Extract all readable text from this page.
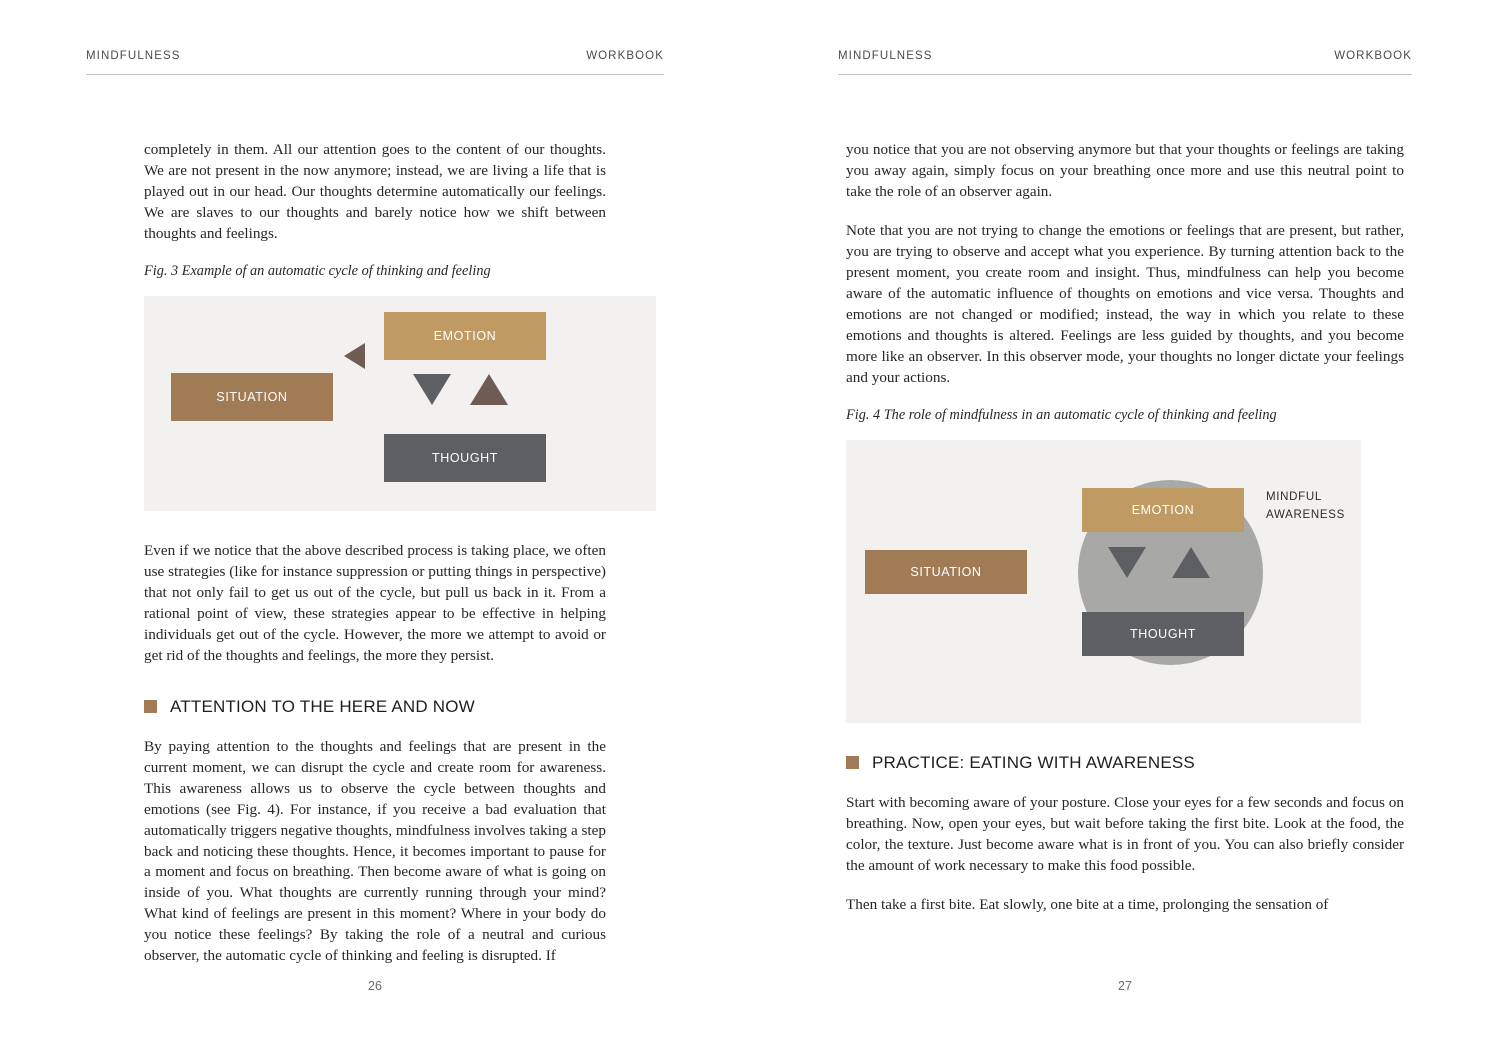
MINDFULNESS	WORKBOOK

completely in them. All our attention goes to the content of our thoughts. We are not present in the now anymore; instead, we are living a life that is played out in our head. Our thoughts determine automatically our feelings. We are slaves to our thoughts and barely notice how we shift between thoughts and feelings.

Fig. 3 Example of an automatic cycle of thinking and feeling
EMOTION
SITUATION
THOUGHT

Even if we notice that the above described process is taking place, we often use strategies (like for instance suppression or putting things in perspective) that not only fail to get us out of the cycle, but pull us back in it. From a rational point of view, these strategies appear to be effective in helping individuals get out of the cycle. However, the more we attempt to avoid or get rid of the thoughts and feelings, the more they persist.

ATTENTION TO THE HERE AND NOW

By paying attention to the thoughts and feelings that are present in the current moment, we can disrupt the cycle and create room for awareness. This awareness allows us to observe the cycle between thoughts and emotions (see Fig. 4). For instance, if you receive a bad evaluation that automatically triggers negative thoughts, mindfulness involves taking a step back and noticing these thoughts. Hence, it becomes important to pause for a moment and focus on breathing. Then become aware of what is going on inside of you. What thoughts are currently running through your mind? What kind of feelings are present in this moment? Where in your body do you notice these feelings? By taking the role of a neutral and curious observer, the automatic cycle of thinking and feeling is disrupted. If

26
MINDFULNESS	WORKBOOK

you notice that you are not observing anymore but that your thoughts or feelings are taking you away again, simply focus on your breathing once more and use this neutral point to take the role of an observer again.

Note that you are not trying to change the emotions or feelings that are present, but rather, you are trying to observe and accept what you experience. By turning attention back to the present moment, you create room and insight. Thus, mindfulness can help you become aware of the automatic influence of thoughts on emotions and vice versa. Thoughts and emotions are not changed or modified; instead, the way in which you relate to these emotions and thoughts is altered. Feelings are less guided by thoughts, and you become more like an observer. In this observer mode, your thoughts no longer dictate your feelings and your actions.

Fig. 4 The role of mindfulness in an automatic cycle of thinking and feeling
EMOTION
SITUATION
THOUGHT
MINDFUL
AWARENESS
PRACTICE: EATING WITH AWARENESS

Start with becoming aware of your posture. Close your eyes for a few seconds and focus on breathing. Now, open your eyes, but wait before taking the first bite. Look at the food, the color, the texture. Just become aware what is in front of you. You can also briefly consider the amount of work necessary to make this food possible.

Then take a first bite. Eat slowly, one bite at a time, prolonging the sensation of

27
